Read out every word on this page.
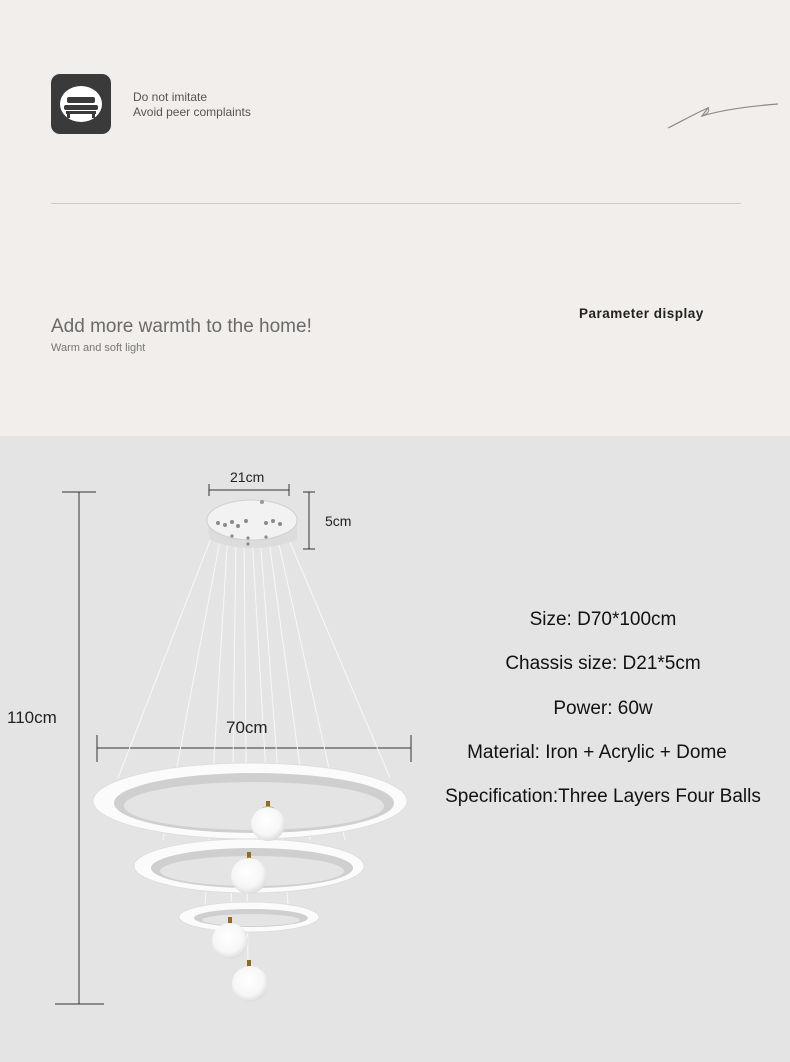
Do not imitate
Avoid peer complaints
Add more warmth to the home!
Warm and soft light
Parameter display
21cm
5cm
110cm
70cm
Size: D70*100cm
Chassis size: D21*5cm
Power: 60w
Material: Iron + Acrylic + Dome
Specification:Three Layers Four Balls
